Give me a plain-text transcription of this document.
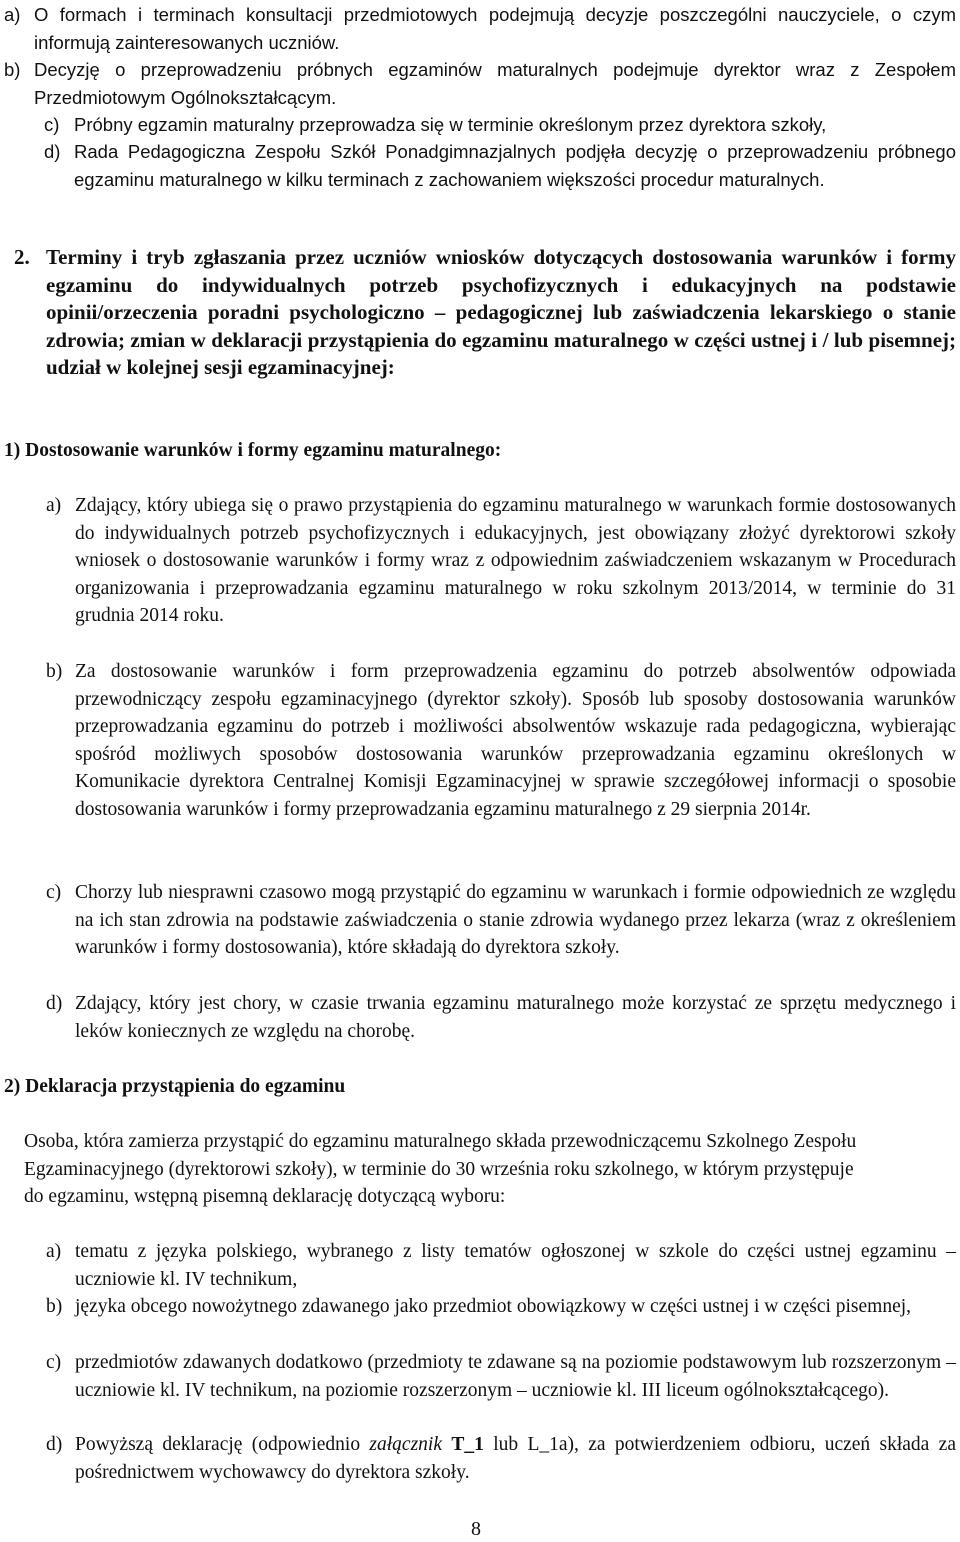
a) O formach i terminach konsultacji przedmiotowych podejmują decyzje poszczególni nauczyciele, o czym informują zainteresowanych uczniów.
b) Decyzję o przeprowadzeniu próbnych egzaminów maturalnych podejmuje dyrektor wraz z Zespołem Przedmiotowym Ogólnokształcącym.
c) Próbny egzamin maturalny przeprowadza się w terminie określonym przez dyrektora szkoły,
d) Rada Pedagogiczna Zespołu Szkół Ponadgimnazjalnych podjęła decyzję o przeprowadzeniu próbnego egzaminu maturalnego w kilku terminach z zachowaniem większości procedur maturalnych.
2. Terminy i tryb zgłaszania przez uczniów wniosków dotyczących dostosowania warunków i formy egzaminu do indywidualnych potrzeb psychofizycznych i edukacyjnych na podstawie opinii/orzeczenia poradni psychologiczno – pedagogicznej lub zaświadczenia lekarskiego o stanie zdrowia; zmian w deklaracji przystąpienia do egzaminu maturalnego w części ustnej i / lub pisemnej; udział w kolejnej sesji egzaminacyjnej:
1) Dostosowanie warunków i formy egzaminu maturalnego:
a) Zdający, który ubiega się o prawo przystąpienia do egzaminu maturalnego w warunkach formie dostosowanych do indywidualnych potrzeb psychofizycznych i edukacyjnych, jest obowiązany złożyć dyrektorowi szkoły wniosek o dostosowanie warunków i formy wraz z odpowiednim zaświadczeniem wskazanym w Procedurach organizowania i przeprowadzania egzaminu maturalnego w roku szkolnym 2013/2014, w terminie do 31 grudnia 2014 roku.
b) Za dostosowanie warunków i form przeprowadzenia egzaminu do potrzeb absolwentów odpowiada przewodniczący zespołu egzaminacyjnego (dyrektor szkoły). Sposób lub sposoby dostosowania warunków przeprowadzania egzaminu do potrzeb i możliwości absolwentów wskazuje rada pedagogiczna, wybierając spośród możliwych sposobów dostosowania warunków przeprowadzania egzaminu określonych w Komunikacie dyrektora Centralnej Komisji Egzaminacyjnej w sprawie szczegółowej informacji o sposobie dostosowania warunków i formy przeprowadzania egzaminu maturalnego z 29 sierpnia 2014r.
c) Chorzy lub niesprawni czasowo mogą przystąpić do egzaminu w warunkach i formie odpowiednich ze względu na ich stan zdrowia na podstawie zaświadczenia o stanie zdrowia wydanego przez lekarza (wraz z określeniem warunków i formy dostosowania), które składają do dyrektora szkoły.
d) Zdający, który jest chory, w czasie trwania egzaminu maturalnego może korzystać ze sprzętu medycznego i leków koniecznych ze względu na chorobę.
2) Deklaracja przystąpienia do egzaminu
Osoba, która zamierza przystąpić do egzaminu maturalnego składa przewodniczącemu Szkolnego Zespołu Egzaminacyjnego (dyrektorowi szkoły), w terminie do 30 września roku szkolnego, w którym przystępuje do egzaminu, wstępną pisemną deklarację dotyczącą wyboru:
a) tematu z języka polskiego, wybranego z listy tematów ogłoszonej w szkole do części ustnej egzaminu – uczniowie kl. IV technikum,
b) języka obcego nowożytnego zdawanego jako przedmiot obowiązkowy w części ustnej i w części pisemnej,
c) przedmiotów zdawanych dodatkowo (przedmioty te zdawane są na poziomie podstawowym lub rozszerzonym – uczniowie kl. IV technikum, na poziomie rozszerzonym – uczniowie kl. III liceum ogólnokształcącego).
d) Powyższą deklarację (odpowiednio załącznik T_1 lub L_1a), za potwierdzeniem odbioru, uczeń składa za pośrednictwem wychowawcy do dyrektora szkoły.
8
